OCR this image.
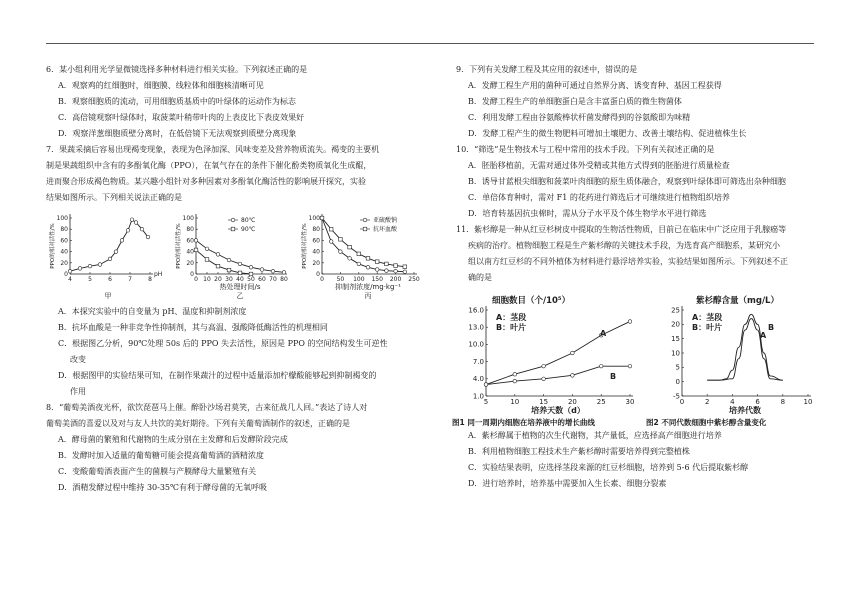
6．某小组利用光学显微镜选择多种材料进行相关实验。下列叙述正确的是
A．观察鸡的红细胞时，细胞膜、线粒体和细胞核清晰可见
B．观察细胞质的流动，可用细胞质基质中的叶绿体的运动作为标志
C．高倍镜观察叶绿体时，取菠菜叶稍带叶肉的上表皮比下表皮效果好
D．观察洋葱细胞质壁分离时，在低倍镜下无法观察到质壁分离现象
7．果蔬采摘后容易出现褐变现象，表现为色泽加深、风味变差及营养物质流失。褐变的主要机
制是果蔬组织中含有的多酚氧化酶（PPO），在氧气存在的条件下催化酚类物质氧化生成醌，
进而聚合形成褐色物质。某兴趣小组针对多种因素对多酚氧化酶活性的影响展开探究，实验
结果如图所示。下列相关说法正确的是
0
20
40
60
80
100
4	5	6	7	8
PPO的相对活性/%
pH
甲
0
20
40
60
80
100
0 10 20 30 40 50 60 70 80
PPO的相对活性/%
热处理时间/s
80℃
90℃
乙
0
20
40
60
80
100
0 50 100 150 200 250
PPO的相对活性/%
抑制剂浓度/mg·kg⁻¹
亚硫酸钠
抗坏血酸
丙
A．本探究实验中的自变量为 pH、温度和抑制剂浓度
B．抗坏血酸是一种非竞争性抑制剂，其与高温、强酸降低酶活性的机理相同
C．根据图乙分析，90℃处理 50s 后的 PPO 失去活性，原因是 PPO 的空间结构发生可逆性
改变
D．根据图甲的实验结果可知，在制作果蔬汁的过程中适量添加柠檬酸能够起到抑制褐变的
作用
8．“葡萄美酒夜光杯，欲饮琵琶马上催。醉卧沙场君莫笑，古来征战几人回。”表达了诗人对
葡萄美酒的喜爱以及对与友人共饮的美好期待。下列有关葡萄酒制作的叙述，正确的是
A．酵母菌的繁殖和代谢物的生成分别在主发酵和后发酵阶段完成
B．发酵时加入适量的葡萄糖可能会提高葡萄酒的酒精浓度
C．变酸葡萄酒表面产生的菌膜与产膜酵母大量繁殖有关
D．酒精发酵过程中维持 30-35℃有利于酵母菌的无氧呼吸
9．下列有关发酵工程及其应用的叙述中，错误的是
A．发酵工程生产用的菌种可通过自然界分离、诱变育种、基因工程获得
B．发酵工程生产的单细胞蛋白是含丰富蛋白质的微生物菌体
C．利用发酵工程由谷氨酸棒状杆菌发酵得到的谷氨酸即为味精
D．发酵工程产生的微生物肥料可增加土壤肥力、改善土壤结构、促进植株生长
10．“筛选”是生物技术与工程中常用的技术手段。下列有关叙述正确的是
A．胚胎移植前，无需对通过体外受精或其他方式得到的胚胎进行质量检查
B．诱导甘蓝根尖细胞和菠菜叶肉细胞的原生质体融合，观察到叶绿体即可筛选出杂种细胞
C．单倍体育种时，需对 F1 的花药进行筛选后才可继续进行植物组织培养
D．培育转基因抗虫棉时，需从分子水平及个体生物学水平进行筛选
11．紫杉醇是一种从红豆杉树皮中提取的生物活性物质，目前已在临床中广泛应用于乳腺癌等
疾病的治疗。植物细胞工程是生产紫杉醇的关键技术手段，为选育高产细胞系，某研究小
组以南方红豆杉的不同外植体为材料进行悬浮培养实验，实验结果如图所示。下列叙述不正
确的是
1.0
4.0
7.0
10.0
13.0
16.0
5	10	15	20	25	30
培养天数（d）
细胞数目（个/10⁵）
A
B
A：茎段
B：叶片
图1 同一周期内细胞在培养液中的增长曲线
-5
0
5
10
15
20
25
0	2	4	6	8	10
培养代数
紫杉醇含量（mg/L）
A：茎段
B：叶片
图2 不同代数细胞中紫杉醇含量变化
B
A
A．紫杉醇属于植物的次生代谢物，其产量低，应选择高产细胞进行培养
B．利用植物细胞工程技术生产紫杉醇时需要培养得到完整植株
C．实验结果表明，应选择茎段来源的红豆杉细胞，培养到 5-6 代后提取紫杉醇
D．进行培养时，培养基中需要加入生长素、细胞分裂素
